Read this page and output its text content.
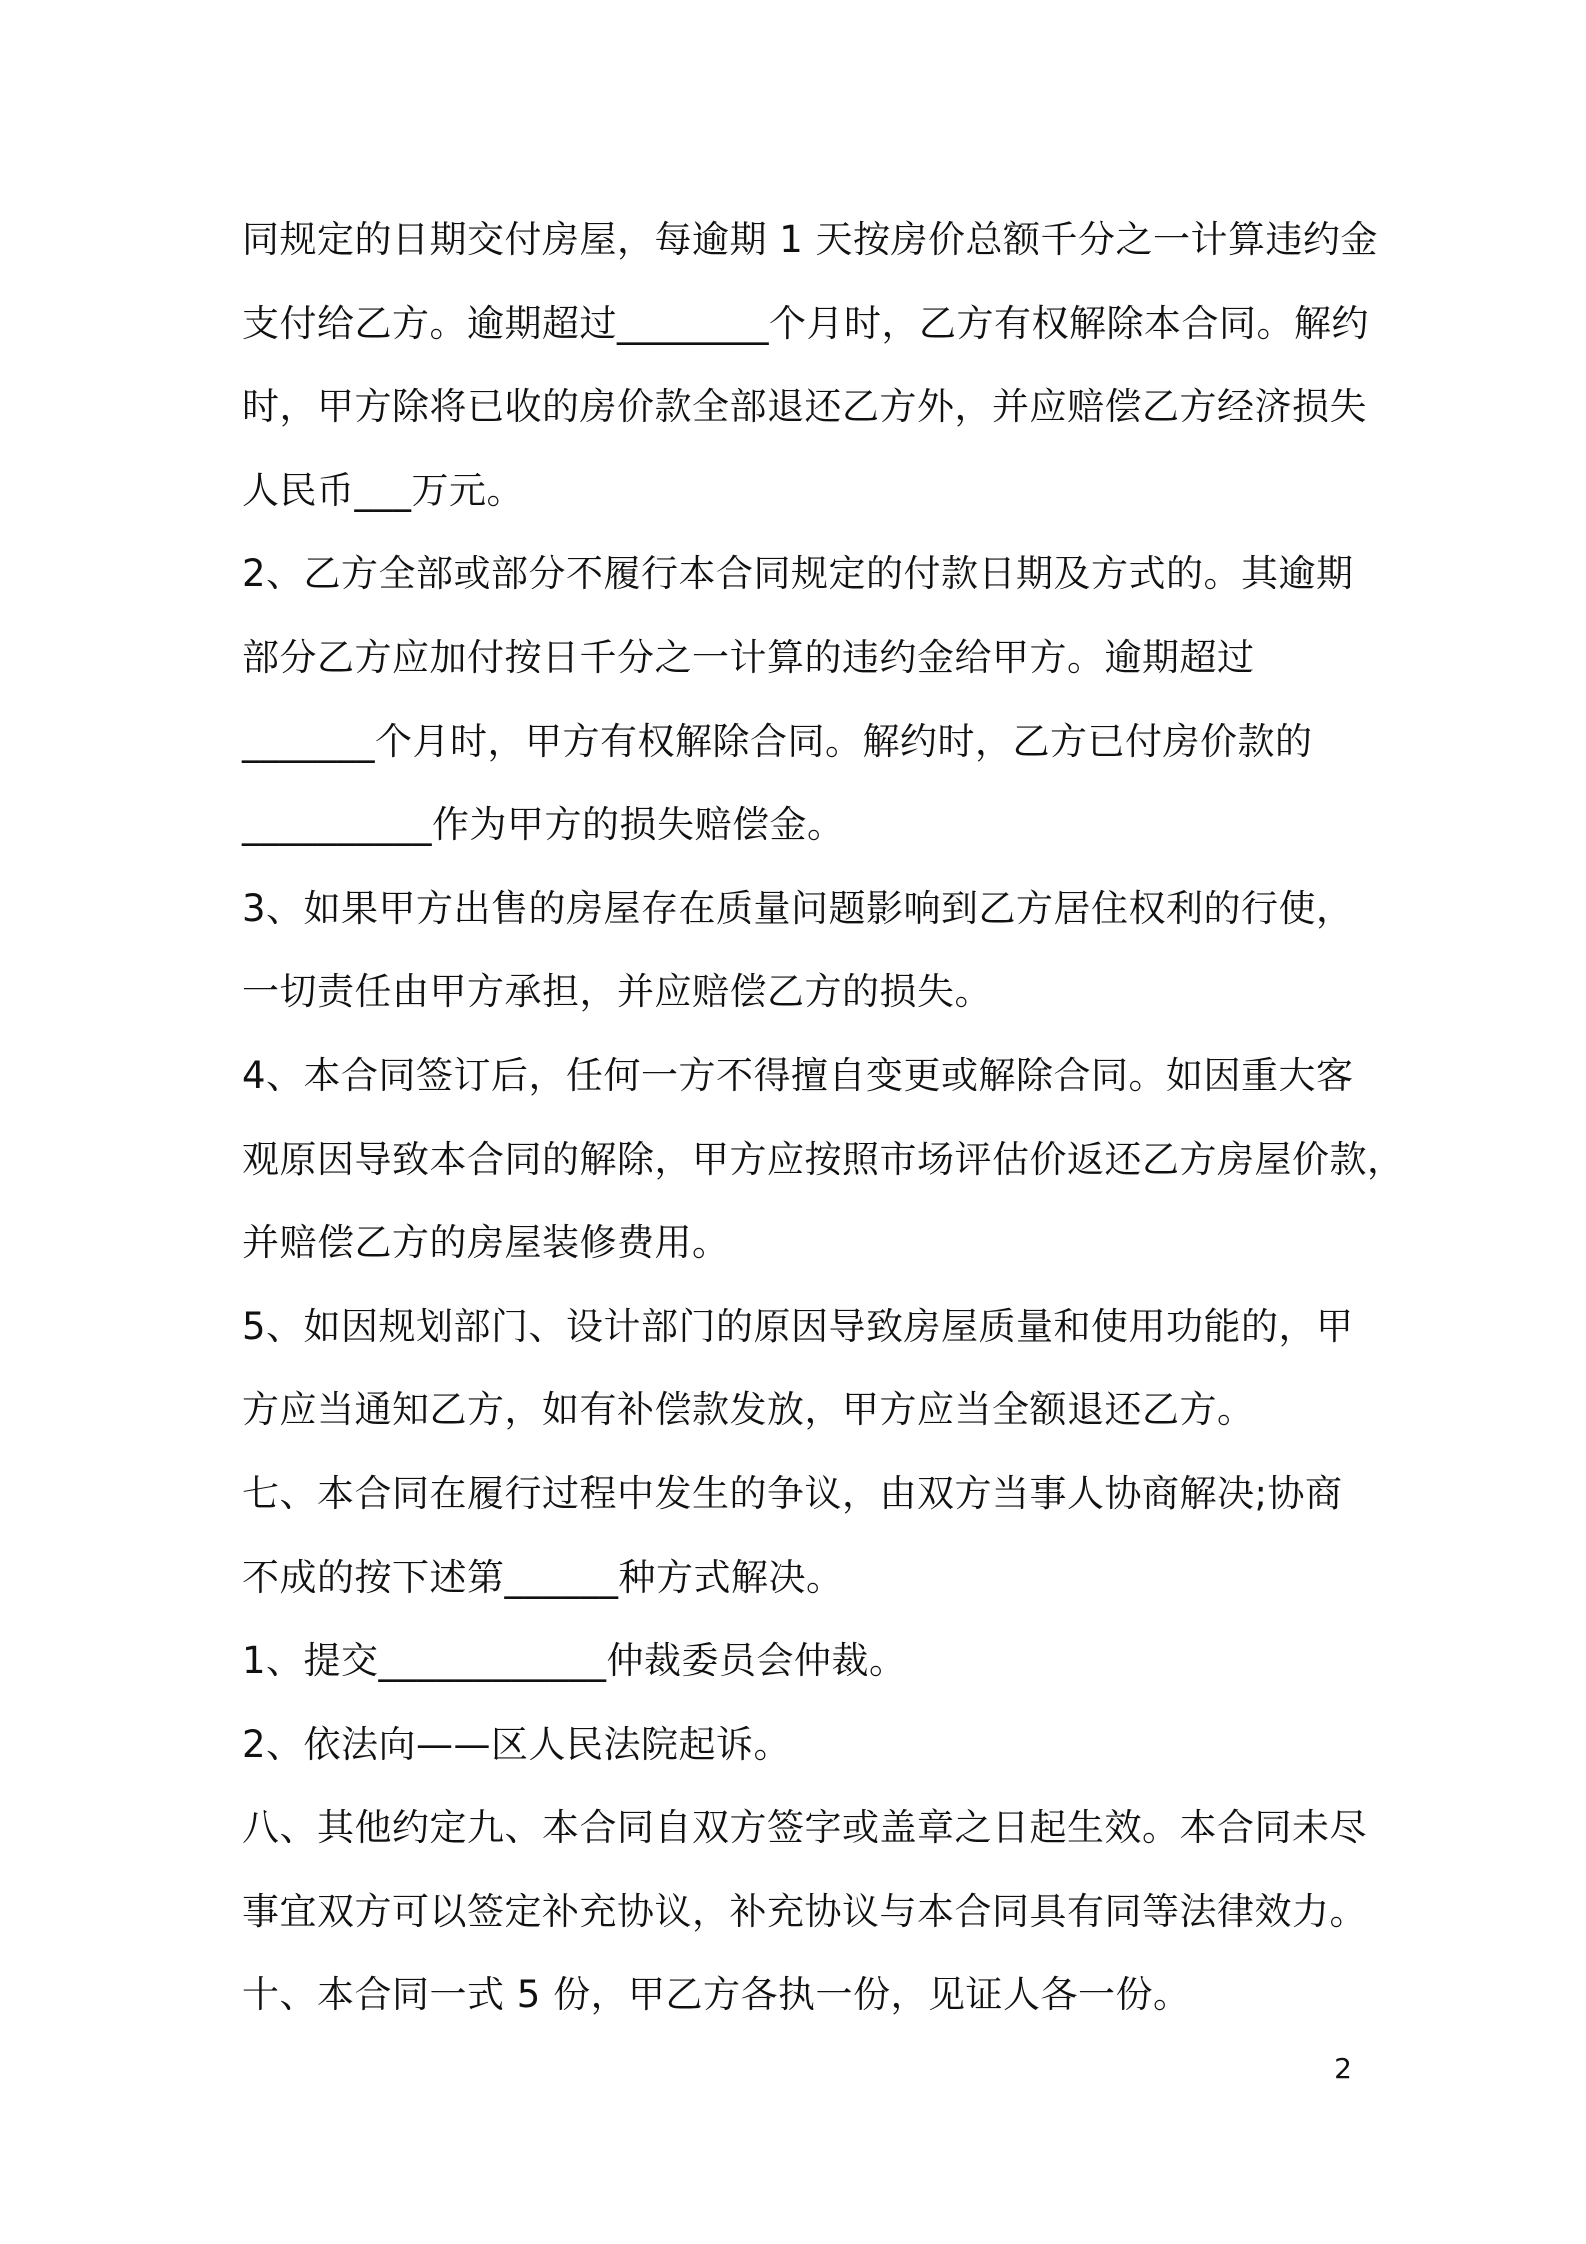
同规定的日期交付房屋，每逾期 1 天按房价总额千分之一计算违约金
支付给乙方。逾期超过________个月时，乙方有权解除本合同。解约
时，甲方除将已收的房价款全部退还乙方外，并应赔偿乙方经济损失
人民币___万元。
2、乙方全部或部分不履行本合同规定的付款日期及方式的。其逾期
部分乙方应加付按日千分之一计算的违约金给甲方。逾期超过
_______个月时，甲方有权解除合同。解约时，乙方已付房价款的
__________作为甲方的损失赔偿金。
3、如果甲方出售的房屋存在质量问题影响到乙方居住权利的行使，
一切责任由甲方承担，并应赔偿乙方的损失。
4、本合同签订后，任何一方不得擅自变更或解除合同。如因重大客
观原因导致本合同的解除，甲方应按照市场评估价返还乙方房屋价款，
并赔偿乙方的房屋装修费用。
5、如因规划部门、设计部门的原因导致房屋质量和使用功能的，甲
方应当通知乙方，如有补偿款发放，甲方应当全额退还乙方。
七、本合同在履行过程中发生的争议，由双方当事人协商解决;协商
不成的按下述第______种方式解决。
1、提交____________仲裁委员会仲裁。
2、依法向——区人民法院起诉。
八、其他约定九、本合同自双方签字或盖章之日起生效。本合同未尽
事宜双方可以签定补充协议，补充协议与本合同具有同等法律效力。
十、本合同一式 5 份，甲乙方各执一份，见证人各一份。
2
